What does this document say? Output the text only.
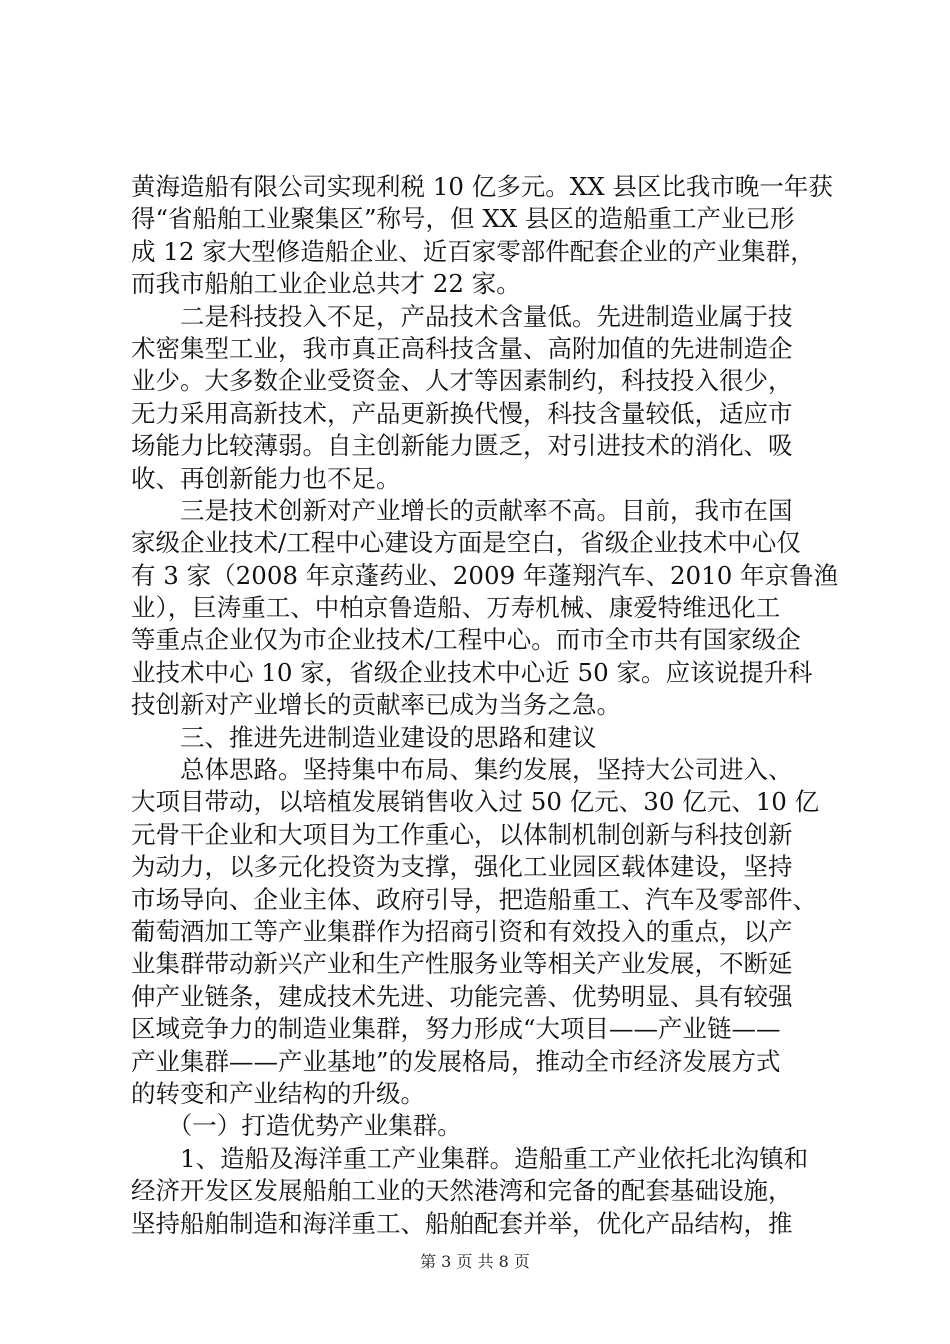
黄海造船有限公司实现利税 10 亿多元。XX 县区比我市晚一年获
得“省船舶工业聚集区”称号，但 XX 县区的造船重工产业已形
成 12 家大型修造船企业、近百家零部件配套企业的产业集群，
而我市船舶工业企业总共才 22 家。
　　二是科技投入不足，产品技术含量低。先进制造业属于技
术密集型工业，我市真正高科技含量、高附加值的先进制造企
业少。大多数企业受资金、人才等因素制约，科技投入很少，
无力采用高新技术，产品更新换代慢，科技含量较低，适应市
场能力比较薄弱。自主创新能力匮乏，对引进技术的消化、吸
收、再创新能力也不足。
　　三是技术创新对产业增长的贡献率不高。目前，我市在国
家级企业技术/工程中心建设方面是空白，省级企业技术中心仅
有 3 家（2008 年京蓬药业、2009 年蓬翔汽车、2010 年京鲁渔
业），巨涛重工、中柏京鲁造船、万寿机械、康爱特维迅化工
等重点企业仅为市企业技术/工程中心。而市全市共有国家级企
业技术中心 10 家，省级企业技术中心近 50 家。应该说提升科
技创新对产业增长的贡献率已成为当务之急。
　　三、推进先进制造业建设的思路和建议
　　总体思路。坚持集中布局、集约发展，坚持大公司进入、
大项目带动，以培植发展销售收入过 50 亿元、30 亿元、10 亿
元骨干企业和大项目为工作重心，以体制机制创新与科技创新
为动力，以多元化投资为支撑，强化工业园区载体建设，坚持
市场导向、企业主体、政府引导，把造船重工、汽车及零部件、
葡萄酒加工等产业集群作为招商引资和有效投入的重点，以产
业集群带动新兴产业和生产性服务业等相关产业发展，不断延
伸产业链条，建成技术先进、功能完善、优势明显、具有较强
区域竞争力的制造业集群，努力形成“大项目——产业链——
产业集群——产业基地”的发展格局，推动全市经济发展方式
的转变和产业结构的升级。
　　（一）打造优势产业集群。
　　1、造船及海洋重工产业集群。造船重工产业依托北沟镇和
经济开发区发展船舶工业的天然港湾和完备的配套基础设施，
坚持船舶制造和海洋重工、船舶配套并举，优化产品结构，推
第 3 页 共 8 页
